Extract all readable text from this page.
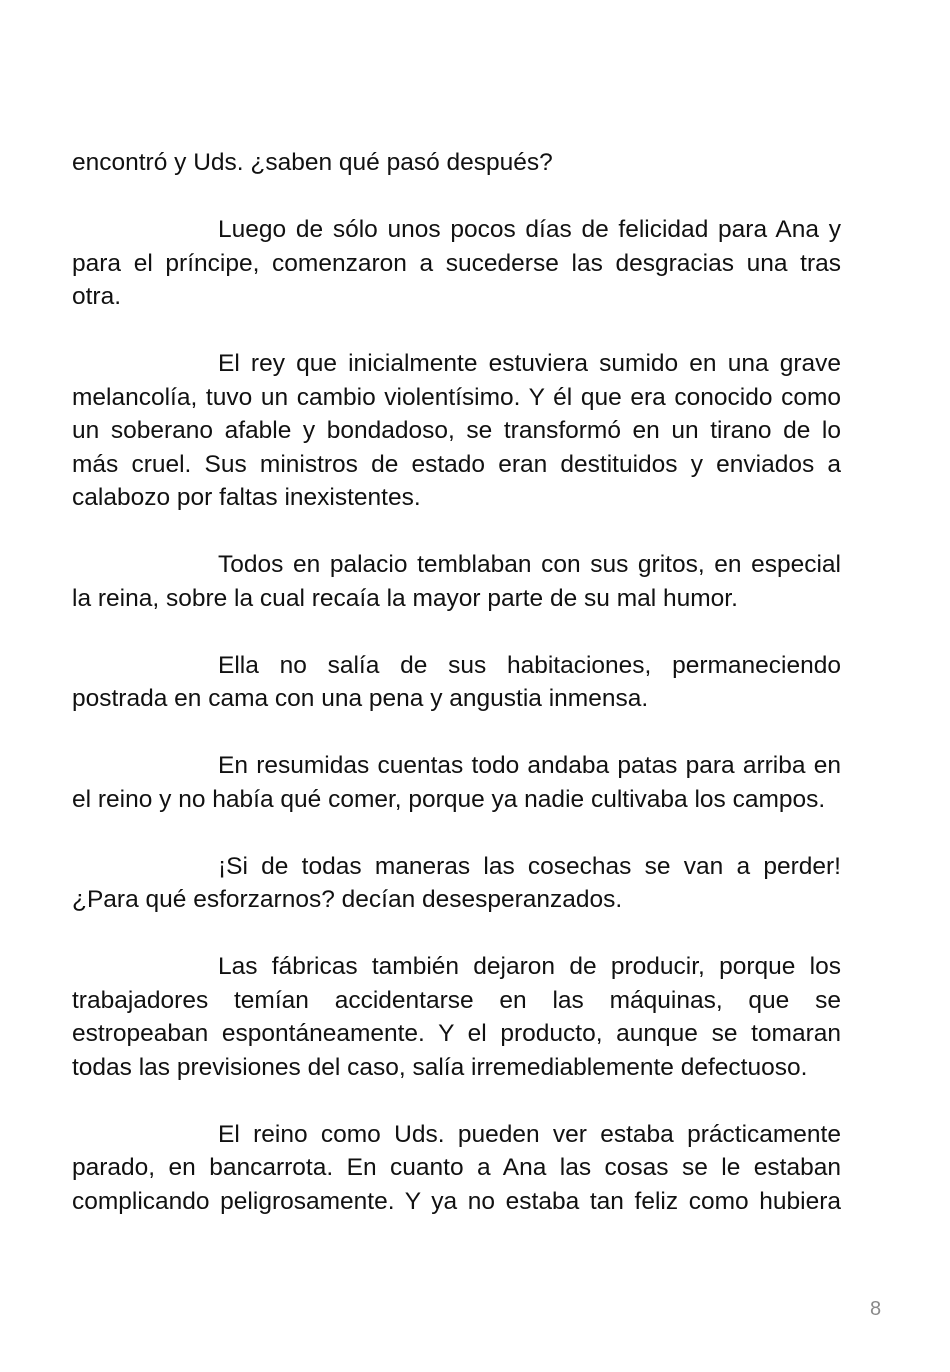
encontró y Uds. ¿saben qué pasó después?

Luego de sólo unos pocos días de felicidad para Ana y para el príncipe, comenzaron a sucederse las desgracias una tras otra.

El rey que inicialmente estuviera sumido en una grave melancolía, tuvo un cambio violentísimo. Y él que era conocido como un soberano afable y bondadoso, se transformó en un tirano de lo más cruel. Sus ministros de estado eran destituidos y enviados a calabozo por faltas inexistentes.

Todos en palacio temblaban con sus gritos, en especial la reina, sobre la cual recaía la mayor parte de su mal humor.

Ella no salía de sus habitaciones, permaneciendo postrada en cama con una pena y angustia inmensa.

En resumidas cuentas todo andaba patas para arriba en el reino y no había qué comer, porque ya nadie cultivaba los campos.

¡Si de todas maneras las cosechas se van a perder! ¿Para qué esforzarnos? decían desesperanzados.

Las fábricas también dejaron de producir, porque los trabajadores temían accidentarse en las máquinas, que se estropeaban espontáneamente. Y el producto, aunque se tomaran todas las previsiones del caso, salía irremediablemente defectuoso.

El reino como Uds. pueden ver estaba prácticamente parado, en bancarrota. En cuanto a Ana las cosas se le estaban complicando peligrosamente. Y ya no estaba tan feliz como hubiera

8
